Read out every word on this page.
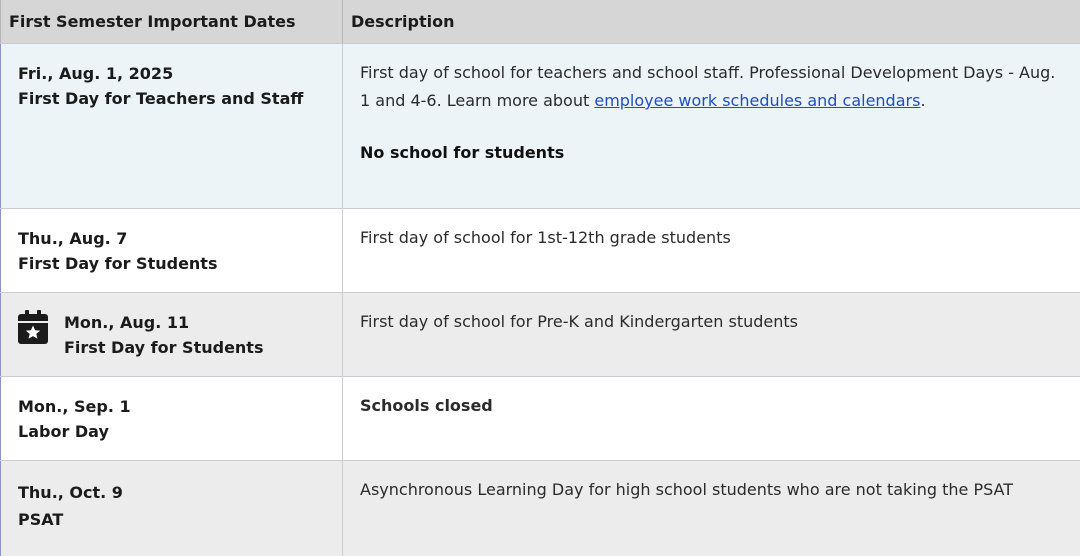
First Semester Important Dates	Description
Fri., Aug. 1, 2025
First Day for Teachers and Staff
First day of school for teachers and school staff. Professional Development Days - Aug. 1 and 4-6. Learn more about employee work schedules and calendars.
No school for students
Thu., Aug. 7
First Day for Students
First day of school for 1st-12th grade students
Mon., Aug. 11
First Day for Students
First day of school for Pre-K and Kindergarten students
Mon., Sep. 1
Labor Day
Schools closed
Thu., Oct. 9
PSAT
Asynchronous Learning Day for high school students who are not taking the PSAT
